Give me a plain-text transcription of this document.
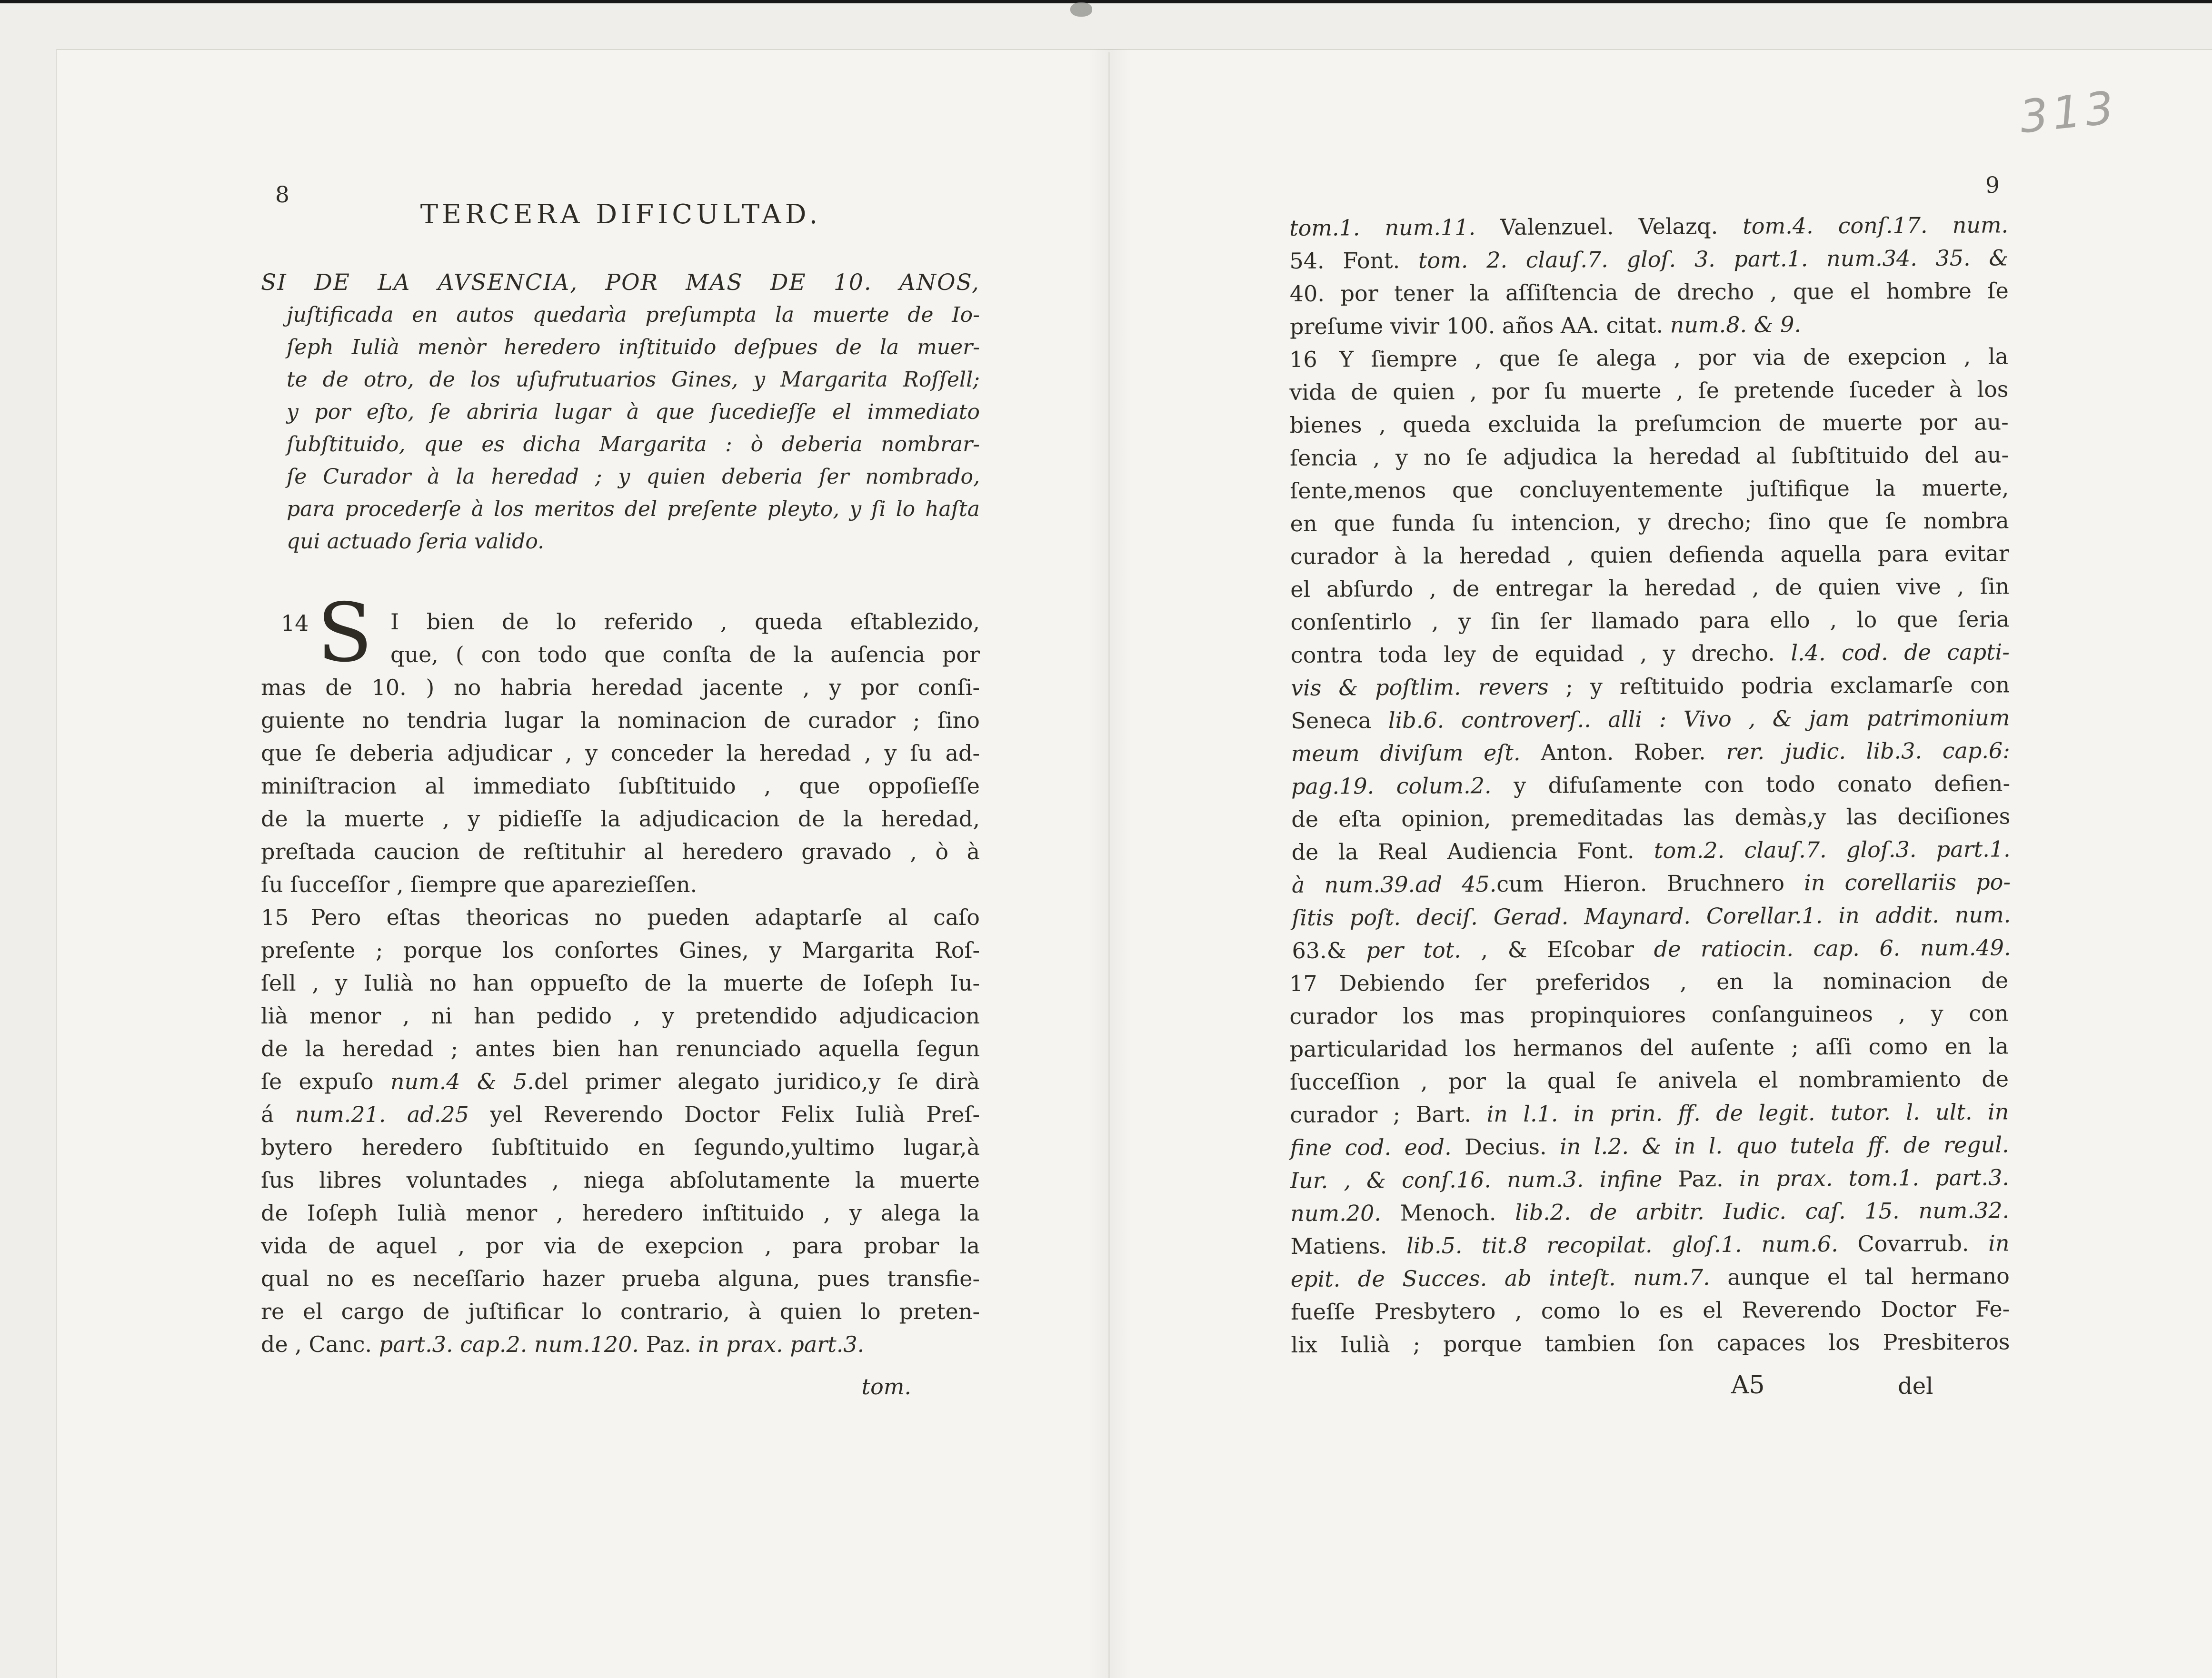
313
8
TERCERA DIFICULTAD.
SI DE LA AVSENCIA, POR MAS DE 10. ANOS,
juſtificada en autos quedarìa preſumpta la muerte de Io-
ſeph Iulià menòr heredero inſtituido deſpues de la muer-
te de otro, de los uſufrutuarios Gines, y Margarita Roſſell;
y por eſto, ſe abriria lugar à que ſucedieſſe el immediato
ſubſtituido, que es dicha Margarita : ò deberia nombrar-
ſe Curador à la heredad ; y quien deberia ſer nombrado,
para procederſe à los meritos del preſente pleyto, y ſi lo haſta
qui actuado ſeria valido.
14 S I bien de lo referido , queda eſtablezido,
que, ( con todo que conſta de la auſencia por
mas de 10. ) no habria heredad jacente , y por conſi-
guiente no tendria lugar la nominacion de curador ; ſino
que ſe deberia adjudicar , y conceder la heredad , y ſu ad-
miniſtracion al immediato ſubſtituido , que oppoſieſſe
de la muerte , y pidieſſe la adjudicacion de la heredad,
preſtada caucion de reſtituhir al heredero gravado , ò à
ſu ſucceſſor , ſiempre que aparezieſſen.
15  Pero eſtas theoricas no pueden adaptarſe al caſo
preſente ; porque los conſortes Gines, y Margarita Roſ-
ſell , y Iulià no han oppueſto de la muerte de Ioſeph Iu-
lià menor , ni han pedido , y pretendido adjudicacion
de la heredad ; antes bien han renunciado aquella ſegun
ſe expuſo num.4 & 5.del primer alegato juridico,y ſe dirà
á num.21. ad.25 yel Reverendo Doctor Felix Iulià Preſ-
bytero heredero ſubſtituido en ſegundo,yultimo lugar,à
ſus libres voluntades , niega abſolutamente la muerte
de Ioſeph Iulià menor , heredero inſtituido , y alega la
vida de aquel , por via de exepcion , para probar la
qual no es neceſſario hazer prueba alguna, pues transfie-
re el cargo de juſtificar lo contrario, à quien lo preten-
de , Canc. part.3. cap.2. num.120. Paz. in prax. part.3.
tom.
9
tom.1. num.11. Valenzuel. Velazq. tom.4. conſ.17. num.
54. Font. tom. 2. clauſ.7. gloſ. 3. part.1. num.34. 35. &
40. por tener la aſſiſtencia de drecho , que el hombre ſe
preſume vivir 100. años AA. citat. num.8. & 9.
16  Y ſiempre , que ſe alega , por via de exepcion , la
vida de quien , por ſu muerte , ſe pretende ſuceder à los
bienes , queda excluida la preſumcion de muerte por au-
ſencia , y no ſe adjudica la heredad al ſubſtituido del au-
ſente,menos que concluyentemente juſtifique la muerte,
en que funda ſu intencion, y drecho; ſino que ſe nombra
curador à la heredad , quien defienda aquella para evitar
el abſurdo , de entregar la heredad , de quien vive , ſin
conſentirlo , y ſin ſer llamado para ello , lo que ſeria
contra toda ley de equidad , y drecho. l.4. cod. de capti-
vis & poſtlim. revers ; y reſtituido podria exclamarſe con
Seneca lib.6. controverſ.. alli : Vivo , & jam patrimonium
meum diviſum eſt. Anton. Rober. rer. judic. lib.3. cap.6:
pag.19. colum.2. y difuſamente con todo conato defien-
de eſta opinion, premeditadas las demàs,y las deciſiones
de la Real Audiencia Font. tom.2. clauſ.7. gloſ.3. part.1.
à num.39.ad 45.cum Hieron. Bruchnero in corellariis po-
ſitis poſt. deciſ. Gerad. Maynard. Corellar.1. in addit. num.
63.& per tot. , & Eſcobar de ratiocin. cap. 6. num.49.
17  Debiendo ſer preferidos , en la nominacion de
curador los mas propinquiores conſanguineos , y con
particularidad los hermanos del auſente ; aſſi como en la
ſucceſſion , por la qual ſe anivela el nombramiento de
curador ; Bart. in l.1. in prin. ff. de legit. tutor. l. ult. in
fine cod. eod. Decius. in l.2. & in l. quo tutela ff. de regul.
Iur. , & conſ.16. num.3. infine Paz. in prax. tom.1. part.3.
num.20. Menoch. lib.2. de arbitr. Iudic. caſ. 15. num.32.
Matiens. lib.5. tit.8 recopilat. gloſ.1. num.6. Covarrub. in
epit. de Succes. ab inteſt. num.7. aunque el tal hermano
fueſſe Presbytero , como lo es el Reverendo Doctor Fe-
lix Iulià ; porque tambien ſon capaces los Presbiteros
A5	del
